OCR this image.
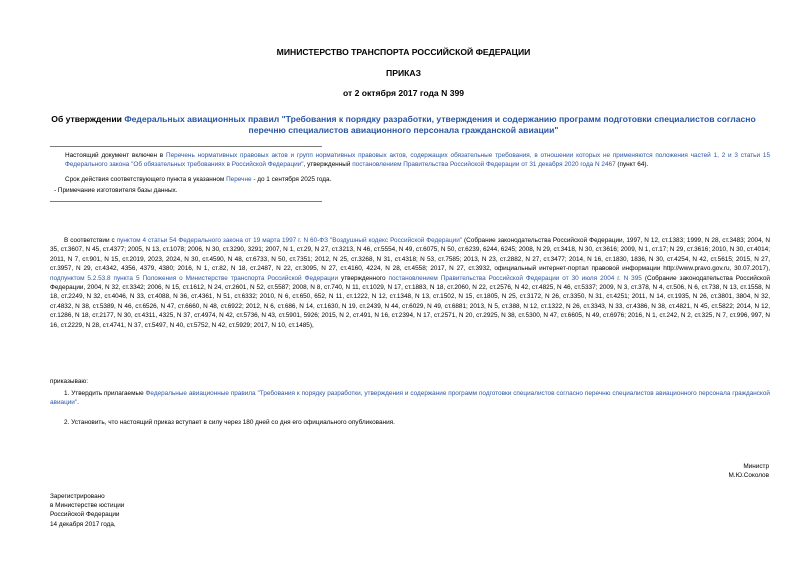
МИНИСТЕРСТВО ТРАНСПОРТА РОССИЙСКОЙ ФЕДЕРАЦИИ
ПРИКАЗ
от 2 октября 2017 года N 399
Об утверждении Федеральных авиационных правил "Требования к порядку разработки, утверждения и содержанию программ подготовки специалистов согласно перечню специалистов авиационного персонала гражданской авиации"
Настоящий документ включен в Перечень нормативных правовых актов и групп нормативных правовых актов, содержащих обязательные требования, в отношении которых не применяются положения частей 1, 2 и 3 статьи 15 Федерального закона "Об обязательных требованиях в Российской Федерации", утвержденный постановлением Правительства Российской Федерации от 31 декабря 2020 года N 2467 (пункт 64).
Срок действия соответствующего пункта в указанном Перечне - до 1 сентября 2025 года.
- Примечание изготовителя базы данных.
В соответствии с пунктом 4 статьи 54 Федерального закона от 19 марта 1997 г. N 60-ФЗ "Воздушный кодекс Российской Федерации" (Собрание законодательства Российской Федерации, 1997, N 12, ст.1383; 1999, N 28, ст.3483; 2004, N 35, ст.3607, N 45, ст.4377; 2005, N 13, ст.1078; 2006, N 30, ст.3290, 3291; 2007, N 1, ст.29, N 27, ст.3213, N 46, ст.5554, N 49, ст.6075, N 50, ст.6239, 6244, 6245; 2008, N 29, ст.3418, N 30, ст.3616; 2009, N 1, ст.17; N 29, ст.3616; 2010, N 30, ст.4014; 2011, N 7, ст.901, N 15, ст.2019, 2023, 2024, N 30, ст.4590, N 48, ст.6733, N 50, ст.7351; 2012, N 25, ст.3268, N 31, ст.4318; N 53, ст.7585; 2013, N 23, ст.2882, N 27, ст.3477; 2014, N 16, ст.1830, 1836, N 30, ст.4254, N 42, ст.5615; 2015, N 27, ст.3957, N 29, ст.4342, 4356, 4379, 4380; 2016, N 1, ст.82, N 18, ст.2487, N 22, ст.3095, N 27, ст.4160, 4224, N 28, ст.4558; 2017, N 27, ст.3932, официальный интернет-портал правовой информации http://www.pravo.gov.ru, 30.07.2017), подпунктом 5.2.53.8 пункта 5 Положения о Министерстве транспорта Российской Федерации утвержденного постановлением Правительства Российской Федерации от 30 июля 2004 г. N 395 (Собрание законодательства Российской Федерации, 2004, N 32, ст.3342; 2006, N 15, ст.1612, N 24, ст.2601, N 52, ст.5587; 2008, N 8, ст.740, N 11, ст.1029, N 17, ст.1883, N 18, ст.2060, N 22, ст.2576, N 42, ст.4825, N 46, ст.5337; 2009, N 3, ст.378, N 4, ст.506, N 6, ст.738, N 13, ст.1558, N 18, ст.2249, N 32, ст.4046, N 33, ст.4088, N 36, ст.4361, N 51, ст.6332; 2010, N 6, ст.650, 652, N 11, ст.1222, N 12, ст.1348, N 13, ст.1502, N 15, ст.1805, N 25, ст.3172, N 26, ст.3350, N 31, ст.4251; 2011, N 14, ст.1935, N 26, ст.3801, 3804, N 32, ст.4832, N 38, ст.5389, N 46, ст.6526, N 47, ст.6660, N 48, ст.6922; 2012, N 6, ст.686, N 14, ст.1630, N 19, ст.2439, N 44, ст.6029, N 49, ст.6881; 2013, N 5, ст.388, N 12, ст.1322, N 26, ст.3343, N 33, ст.4386, N 38, ст.4821, N 45, ст.5822; 2014, N 12, ст.1286, N 18, ст.2177, N 30, ст.4311, 4325, N 37, ст.4974, N 42, ст.5736, N 43, ст.5901, 5926; 2015, N 2, ст.491, N 16, ст.2394, N 17, ст.2571, N 20, ст.2925, N 38, ст.5300, N 47, ст.6605, N 49, ст.6976; 2016, N 1, ст.242, N 2, ст.325, N 7, ст.996, 997, N 16, ст.2229, N 28, ст.4741, N 37, ст.5497, N 40, ст.5752, N 42, ст.5929; 2017, N 10, ст.1485),
приказываю:
1. Утвердить прилагаемые Федеральные авиационные правила "Требования к порядку разработки, утверждения и содержание программ подготовки специалистов согласно перечню специалистов авиационного персонала гражданской авиации".
2. Установить, что настоящий приказ вступает в силу через 180 дней со дня его официального опубликования.
Министр
М.Ю.Соколов
Зарегистрировано
в Министерстве юстиции
Российской Федерации
14 декабря 2017 года,
